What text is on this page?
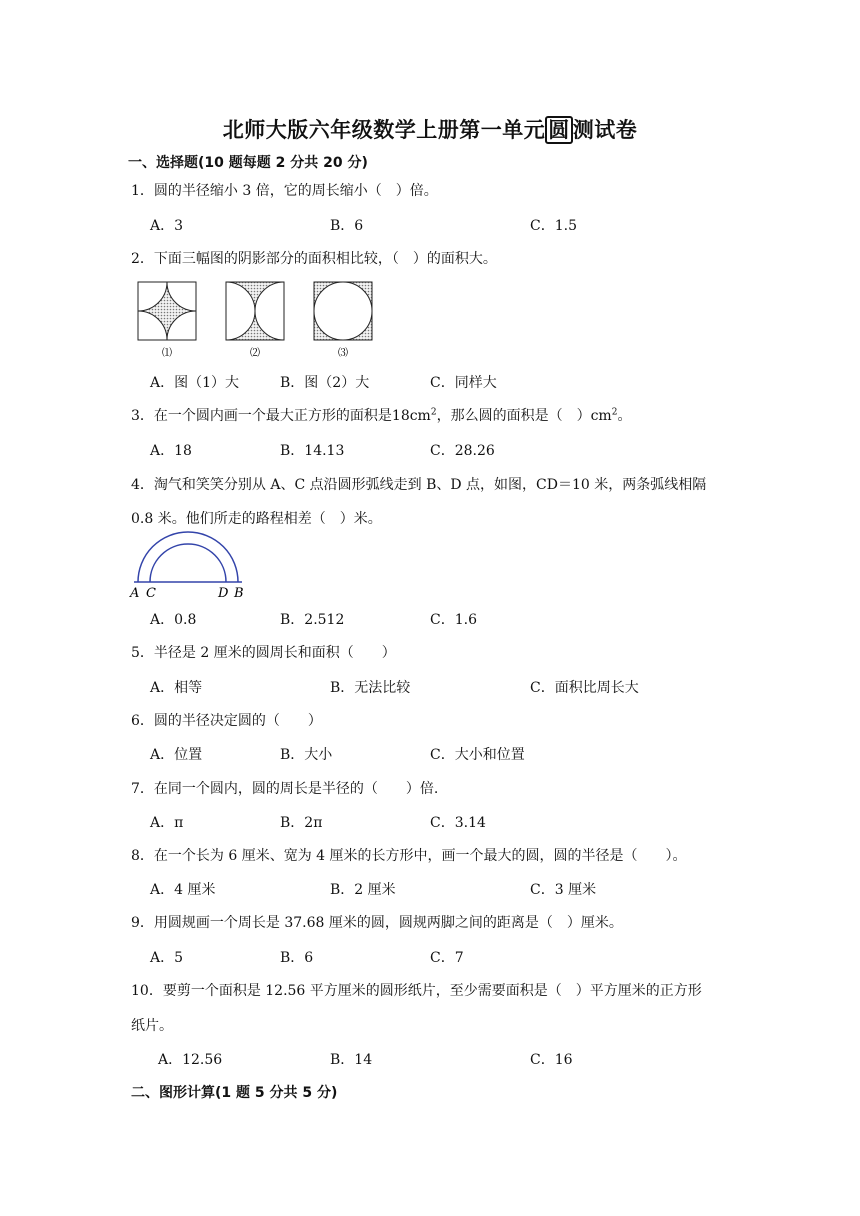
北师大版六年级数学上册第一单元 圆 测试卷
一、选择题(10 题每题 2 分共 20 分)
1．圆的半径缩小 3 倍，它的周长缩小（　）倍。
A．3	B．6	C．1.5
2．下面三幅图的阴影部分的面积相比较，（　）的面积大。
⑴	⑵	⑶
A．图（1）大	B．图（2）大	C．同样大
3．在一个圆内画一个最大正方形的面积是$18cm^2$，那么圆的面积是（　）$cm^2$。
A．18	B．14.13	C．28.26
4．淘气和笑笑分别从 A、C 点沿圆形弧线走到 B、D 点，如图，CD＝10 米，两条弧线相隔
0.8 米。他们所走的路程相差（　）米。
A C	D B
A．0.8	B．2.512	C．1.6
5．半径是 2 厘米的圆周长和面积（　　）
A．相等	B．无法比较	C．面积比周长大
6．圆的半径决定圆的（　　）
A．位置	B．大小	C．大小和位置
7．在同一个圆内，圆的周长是半径的（　　）倍.
A．π	B．2π	C．3.14
8．在一个长为 6 厘米、宽为 4 厘米的长方形中，画一个最大的圆，圆的半径是（　　）。
A．4 厘米	B．2 厘米	C．3 厘米
9．用圆规画一个周长是 37.68 厘米的圆，圆规两脚之间的距离是（　）厘米。
A．5	B．6	C．7
10．要剪一个面积是 12.56 平方厘米的圆形纸片，至少需要面积是（　）平方厘米的正方形
纸片。
A．12.56	B．14	C．16
二、图形计算(1 题 5 分共 5 分)
